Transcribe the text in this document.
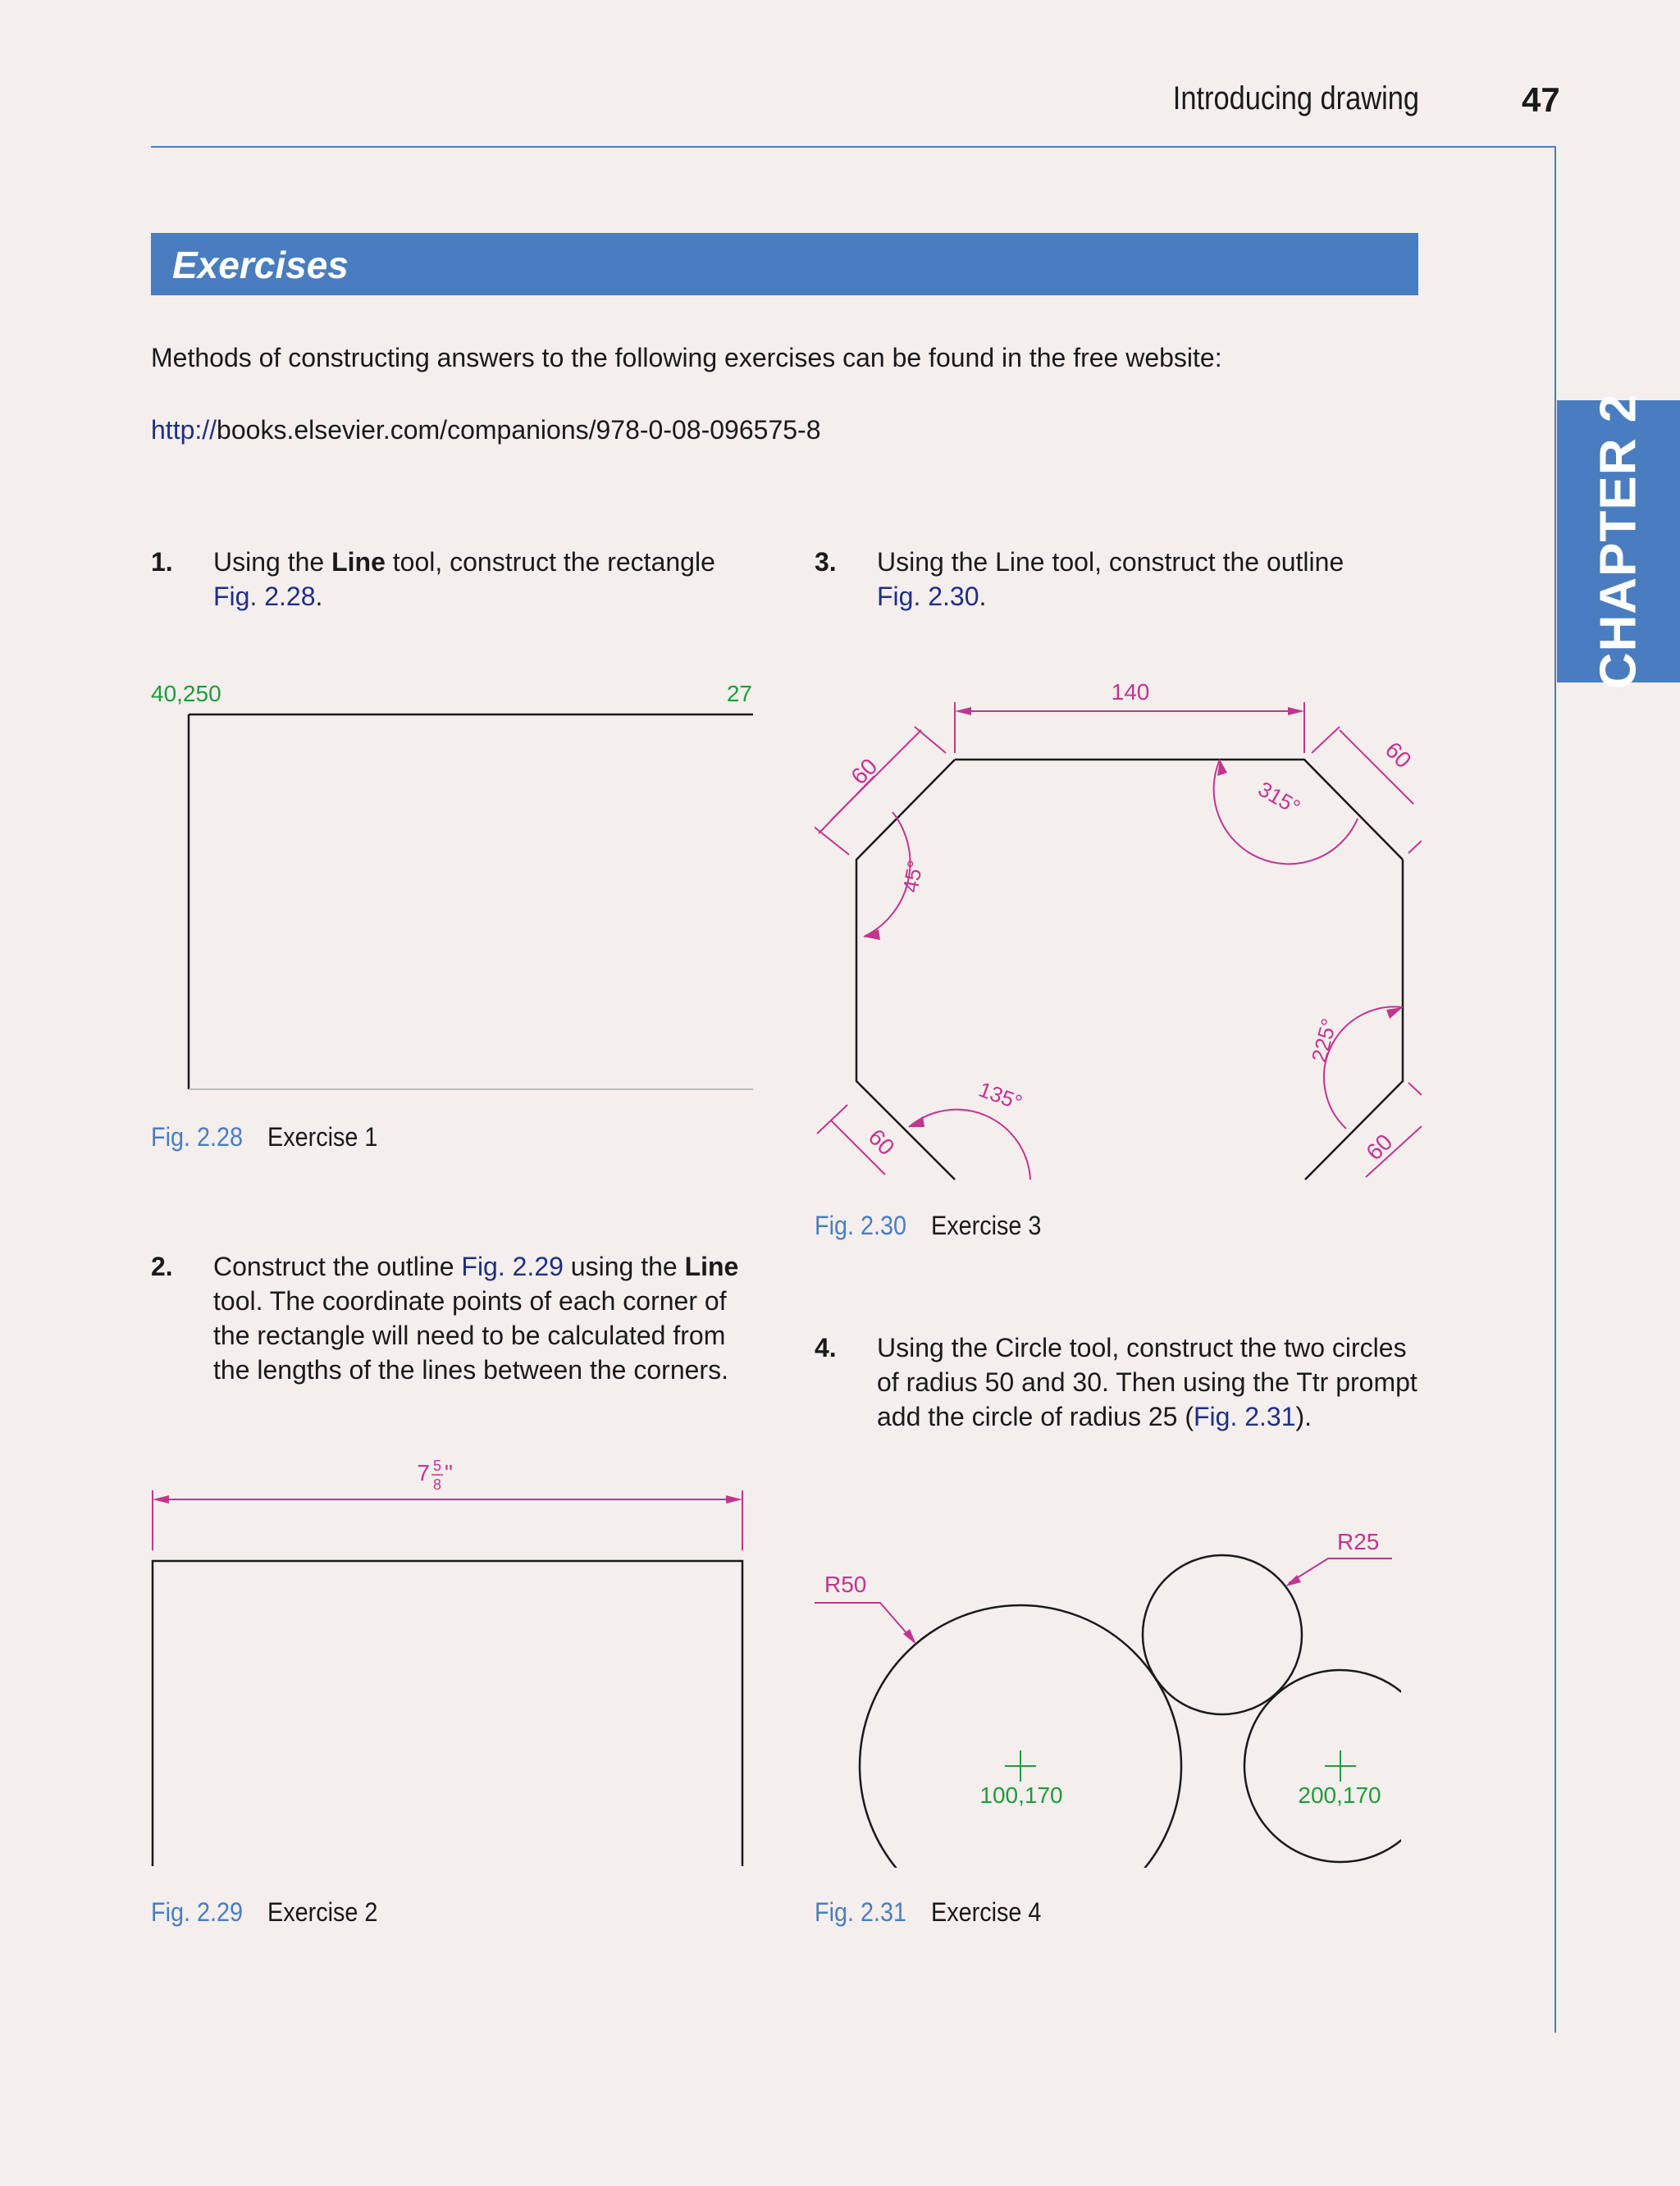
Introducing drawing	47
CHAPTER 2
Exercises
Methods of constructing answers to the following exercises can be found in the free website:
http://books.elsevier.com/companions/978-0-08-096575-8
1. Using the Line tool, construct the rectangle
Fig. 2.28.
40,250	27
Fig. 2.28 Exercise 1
2. Construct the outline Fig. 2.29 using the Line
tool. The coordinate points of each corner of
the rectangle will need to be calculated from
the lengths of the lines between the corners.
7 5
8 "
Fig. 2.29 Exercise 2
3. Using the Line tool, construct the outline
Fig. 2.30.
140
60	60
45°
315°
135°
60
225°
60
Fig. 2.30 Exercise 3
4. Using the Circle tool, construct the two circles
of radius 50 and 30. Then using the Ttr prompt
add the circle of radius 25 (Fig. 2.31).
100,170	200,170
R50
R25
Fig. 2.31 Exercise 4
